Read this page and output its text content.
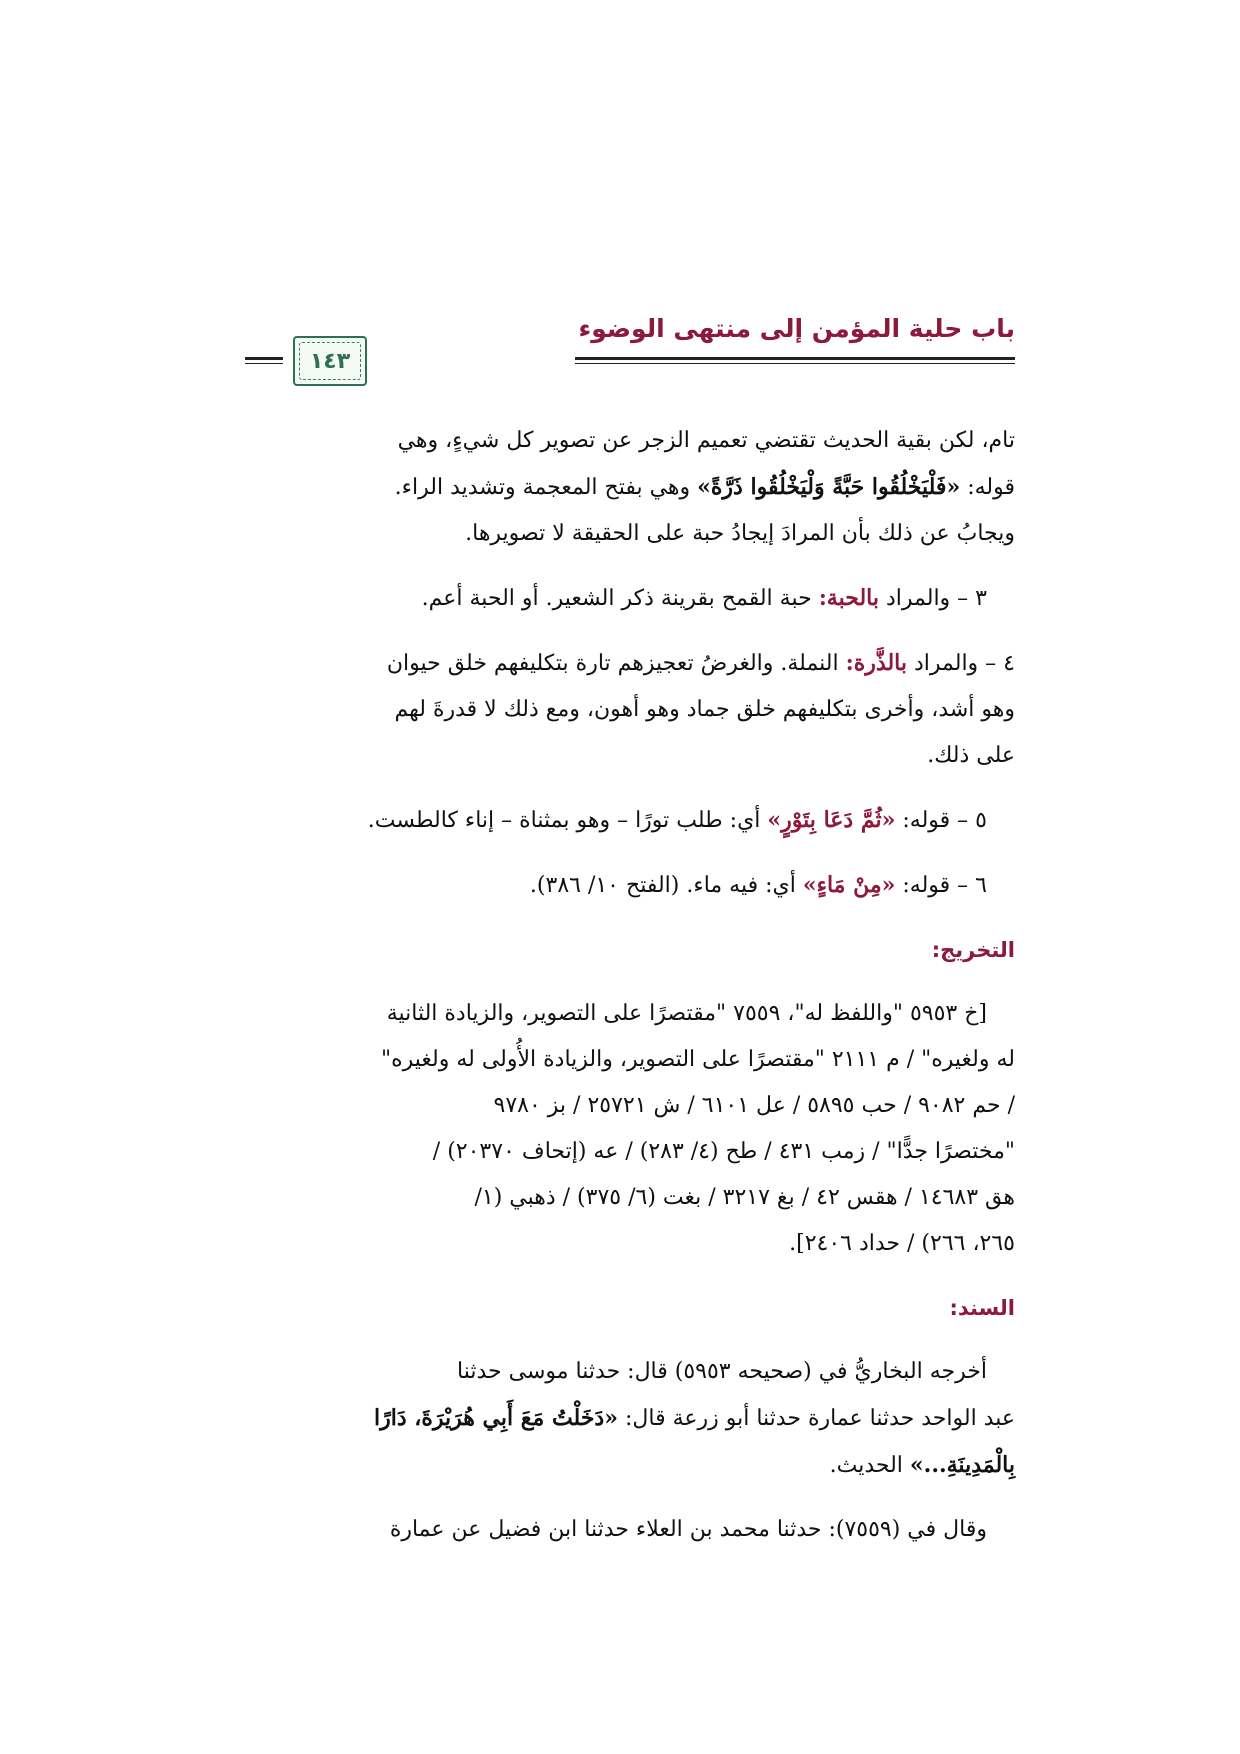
باب حلية المؤمن إلى منتهى الوضوء
١٤٣

تام، لكن بقية الحديث تقتضي تعميم الزجر عن تصوير كل شيءٍ، وهي

قوله: «فَلْيَخْلُقُوا حَبَّةً وَلْيَخْلُقُوا ذَرَّةً» وهي بفتح المعجمة وتشديد الراء.

ويجابُ عن ذلك بأن المرادَ إيجادُ حبة على الحقيقة لا تصويرها.

٣ – والمراد بالحبة: حبة القمح بقرينة ذكر الشعير. أو الحبة أعم.

٤ – والمراد بالذَّرة: النملة. والغرضُ تعجيزهم تارة بتكليفهم خلق حيوان

وهو أشد، وأخرى بتكليفهم خلق جماد وهو أهون، ومع ذلك لا قدرةَ لهم

على ذلك.

٥ – قوله: «ثُمَّ دَعَا بِتَوْرٍ» أي: طلب تورًا – وهو بمثناة – إناء كالطست.

٦ – قوله: «مِنْ مَاءٍ» أي: فيه ماء. (الفتح ١٠/ ٣٨٦).

التخريج:

[خ ٥٩٥٣ "واللفظ له"، ٧٥٥٩ "مقتصرًا على التصوير، والزيادة الثانية

له ولغيره" / م ٢١١١ "مقتصرًا على التصوير، والزيادة الأُولى له ولغيره"

/ حم ٩٠٨٢ / حب ٥٨٩٥ / عل ٦١٠١ / ش ٢٥٧٢١ / بز ٩٧٨٠

"مختصرًا جدًّا" / زمب ٤٣١ / طح (٤/ ٢٨٣) / عه (إتحاف ٢٠٣٧٠) /

هق ١٤٦٨٣ / هقس ٤٢ / بغ ٣٢١٧ / بغت (٦/ ٣٧٥) / ذهبي (١/

٢٦٥، ٢٦٦) / حداد ٢٤٠٦].

السند:

أخرجه البخاريُّ في (صحيحه ٥٩٥٣) قال: حدثنا موسى حدثنا

عبد الواحد حدثنا عمارة حدثنا أبو زرعة قال: «دَخَلْتُ مَعَ أَبِي هُرَيْرَةَ، دَارًا

بِالْمَدِينَةِ...» الحديث.

وقال في (٧٥٥٩): حدثنا محمد بن العلاء حدثنا ابن فضيل عن عمارة
